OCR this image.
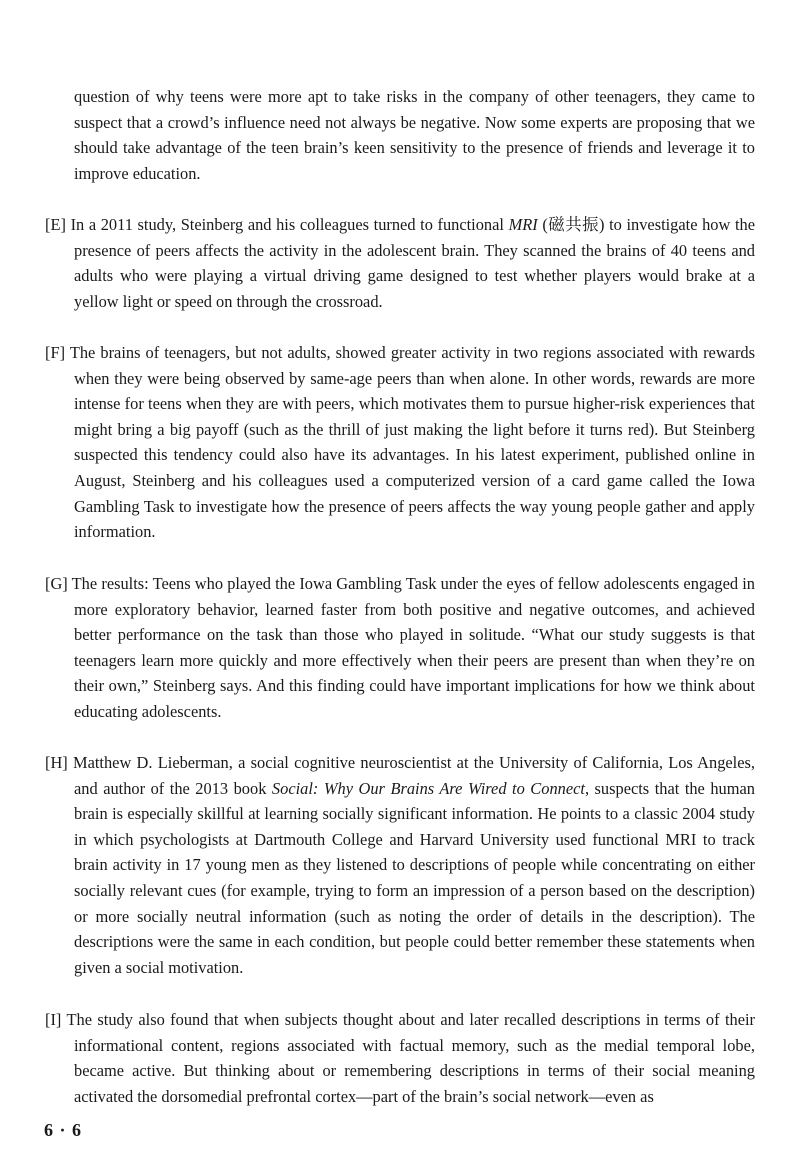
question of why teens were more apt to take risks in the company of other teenagers, they came to suspect that a crowd’s influence need not always be negative. Now some experts are proposing that we should take advantage of the teen brain’s keen sensitivity to the presence of friends and leverage it to improve education.

[E] In a 2011 study, Steinberg and his colleagues turned to functional MRI (磁共振) to investigate how the presence of peers affects the activity in the adolescent brain. They scanned the brains of 40 teens and adults who were playing a virtual driving game designed to test whether players would brake at a yellow light or speed on through the crossroad.

[F] The brains of teenagers, but not adults, showed greater activity in two regions associated with rewards when they were being observed by same-age peers than when alone. In other words, rewards are more intense for teens when they are with peers, which motivates them to pursue higher-risk experiences that might bring a big payoff (such as the thrill of just making the light before it turns red). But Steinberg suspected this tendency could also have its advantages. In his latest experiment, published online in August, Steinberg and his colleagues used a computerized version of a card game called the Iowa Gambling Task to investigate how the presence of peers affects the way young people gather and apply information.

[G] The results: Teens who played the Iowa Gambling Task under the eyes of fellow adolescents engaged in more exploratory behavior, learned faster from both positive and negative outcomes, and achieved better performance on the task than those who played in solitude. “What our study suggests is that teenagers learn more quickly and more effectively when their peers are present than when they’re on their own,” Steinberg says. And this finding could have important implications for how we think about educating adolescents.

[H] Matthew D. Lieberman, a social cognitive neuroscientist at the University of California, Los Angeles, and author of the 2013 book Social: Why Our Brains Are Wired to Connect, suspects that the human brain is especially skillful at learning socially significant information. He points to a classic 2004 study in which psychologists at Dartmouth College and Harvard University used functional MRI to track brain activity in 17 young men as they listened to descriptions of people while concentrating on either socially relevant cues (for example, trying to form an impression of a person based on the description) or more socially neutral information (such as noting the order of details in the description). The descriptions were the same in each condition, but people could better remember these statements when given a social motivation.

[I] The study also found that when subjects thought about and later recalled descriptions in terms of their informational content, regions associated with factual memory, such as the medial temporal lobe, became active. But thinking about or remembering descriptions in terms of their social meaning activated the dorsomedial prefrontal cortex—part of the brain’s social network—even as

6 · 6
